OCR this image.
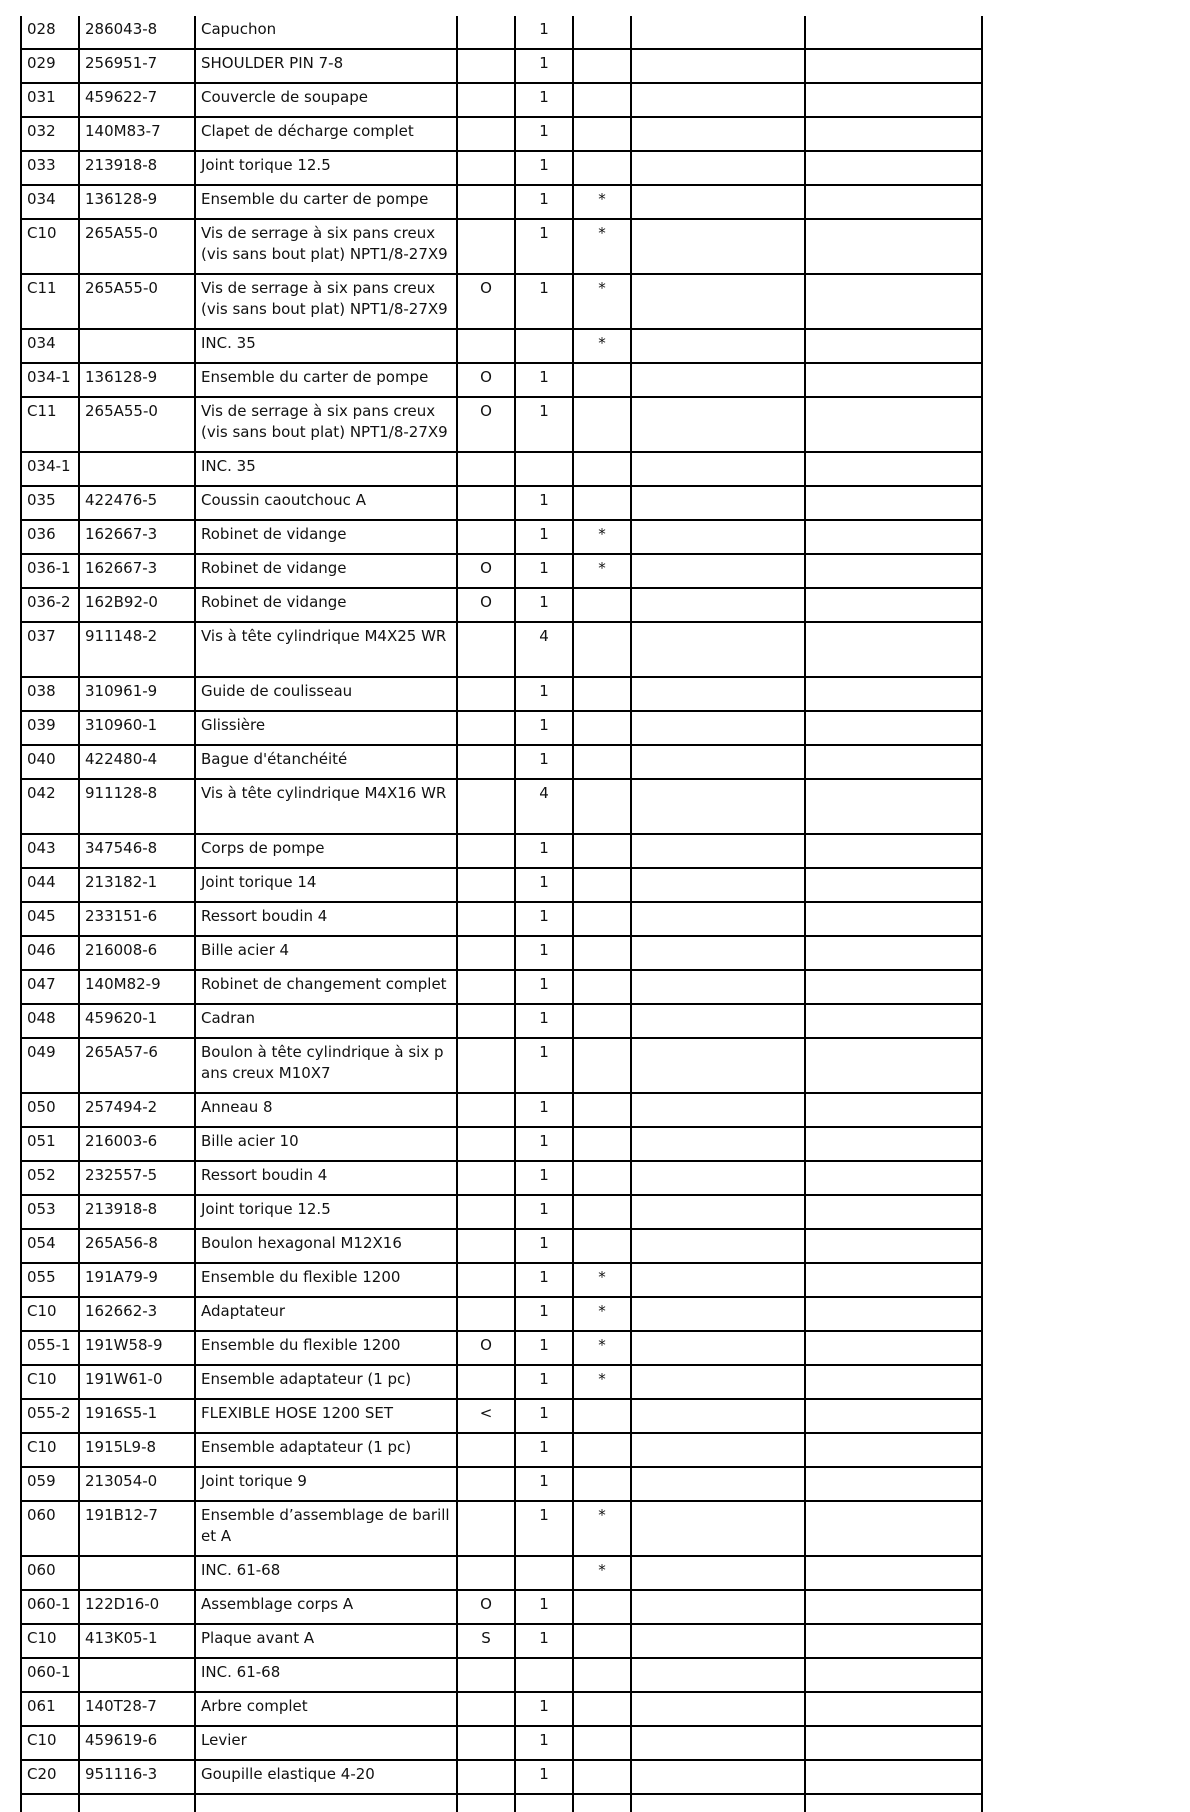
028	286043-8	Capuchon		1			
029	256951-7	SHOULDER PIN 7-8		1			
031	459622-7	Couvercle de soupape		1			
032	140M83-7	Clapet de décharge complet		1			
033	213918-8	Joint torique 12.5		1			
034	136128-9	Ensemble du carter de pompe		1	*		
C10	265A55-0	Vis de serrage à six pans creux (vis sans bout plat) NPT1/8-27X9		1	*		
C11	265A55-0	Vis de serrage à six pans creux (vis sans bout plat) NPT1/8-27X9	O	1	*		
034		INC. 35			*		
034-1	136128-9	Ensemble du carter de pompe	O	1			
C11	265A55-0	Vis de serrage à six pans creux (vis sans bout plat) NPT1/8-27X9	O	1			
034-1		INC. 35					
035	422476-5	Coussin caoutchouc A		1			
036	162667-3	Robinet de vidange		1	*		
036-1	162667-3	Robinet de vidange	O	1	*		
036-2	162B92-0	Robinet de vidange	O	1			
037	911148-2	Vis à tête cylindrique M4X25 WR		4			
038	310961-9	Guide de coulisseau		1			
039	310960-1	Glissière		1			
040	422480-4	Bague d'étanchéité		1			
042	911128-8	Vis à tête cylindrique M4X16 WR		4			
043	347546-8	Corps de pompe		1			
044	213182-1	Joint torique 14		1			
045	233151-6	Ressort boudin 4		1			
046	216008-6	Bille acier 4		1			
047	140M82-9	Robinet de changement complet		1			
048	459620-1	Cadran		1			
049	265A57-6	Boulon à tête cylindrique à six pans creux M10X7		1			
050	257494-2	Anneau 8		1			
051	216003-6	Bille acier 10		1			
052	232557-5	Ressort boudin 4		1			
053	213918-8	Joint torique 12.5		1			
054	265A56-8	Boulon hexagonal M12X16		1			
055	191A79-9	Ensemble du flexible 1200		1	*		
C10	162662-3	Adaptateur		1	*		
055-1	191W58-9	Ensemble du flexible 1200	O	1	*		
C10	191W61-0	Ensemble adaptateur (1 pc)		1	*		
055-2	1916S5-1	FLEXIBLE HOSE 1200 SET	<	1			
C10	1915L9-8	Ensemble adaptateur (1 pc)		1			
059	213054-0	Joint torique 9		1			
060	191B12-7	Ensemble d’assemblage de barillet A		1	*		
060		INC. 61-68			*		
060-1	122D16-0	Assemblage corps A	O	1			
C10	413K05-1	Plaque avant A	S	1			
060-1		INC. 61-68					
061	140T28-7	Arbre complet		1			
C10	459619-6	Levier		1			
C20	951116-3	Goupille elastique 4-20		1			
